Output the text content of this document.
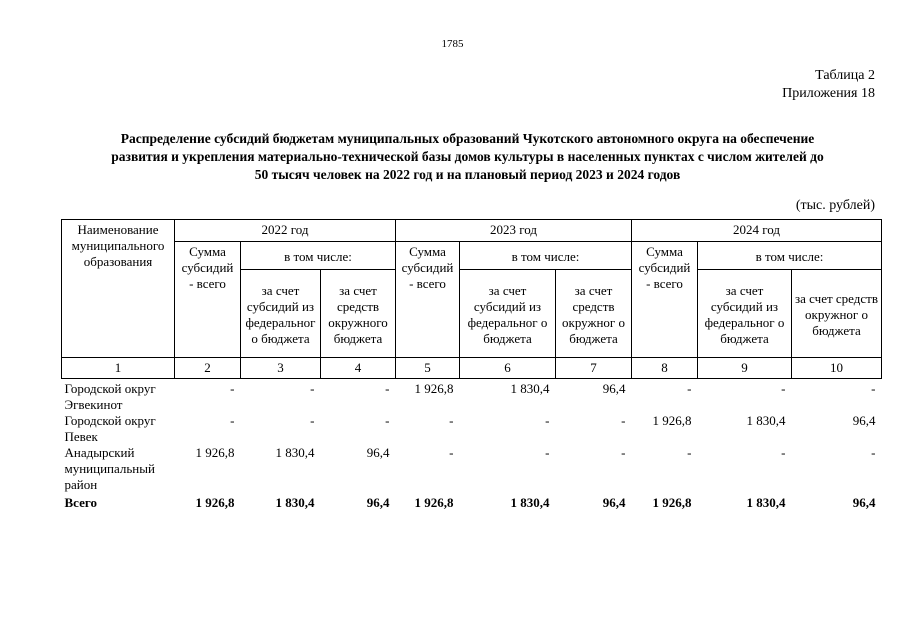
1785
Таблица 2
Приложения 18
Распределение субсидий бюджетам муниципальных образований Чукотского автономного округа на обеспечение
развития и укрепления материально-технической базы домов культуры в населенных пунктах с числом жителей до
50 тысяч человек на 2022 год и на плановый период 2023 и 2024 годов
(тыс. рублей)
Наименование муниципального образования	2022 год			2023 год			2024 год		
	Сумма субсидий - всего	в том числе:		Сумма субсидий - всего	в том числе:		Сумма субсидий - всего	в том числе:	
		за счет субсидий из федеральног о бюджета	за счет средств окружного бюджета		за счет субсидий из федеральног о бюджета	за счет средств окружног о бюджета		за счет субсидий из федеральног о бюджета	за счет средств окружног о бюджета
1	2	3	4	5	6	7	8	9	10
Городской округ Эгвекинот	-	-	-	1 926,8	1 830,4	96,4	-	-	-
Городской округ Певек	-	-	-	-	-	-	1 926,8	1 830,4	96,4
Анадырский муниципальный район	1 926,8	1 830,4	96,4	-	-	-	-	-	-
Всего	1 926,8	1 830,4	96,4	1 926,8	1 830,4	96,4	1 926,8	1 830,4	96,4
